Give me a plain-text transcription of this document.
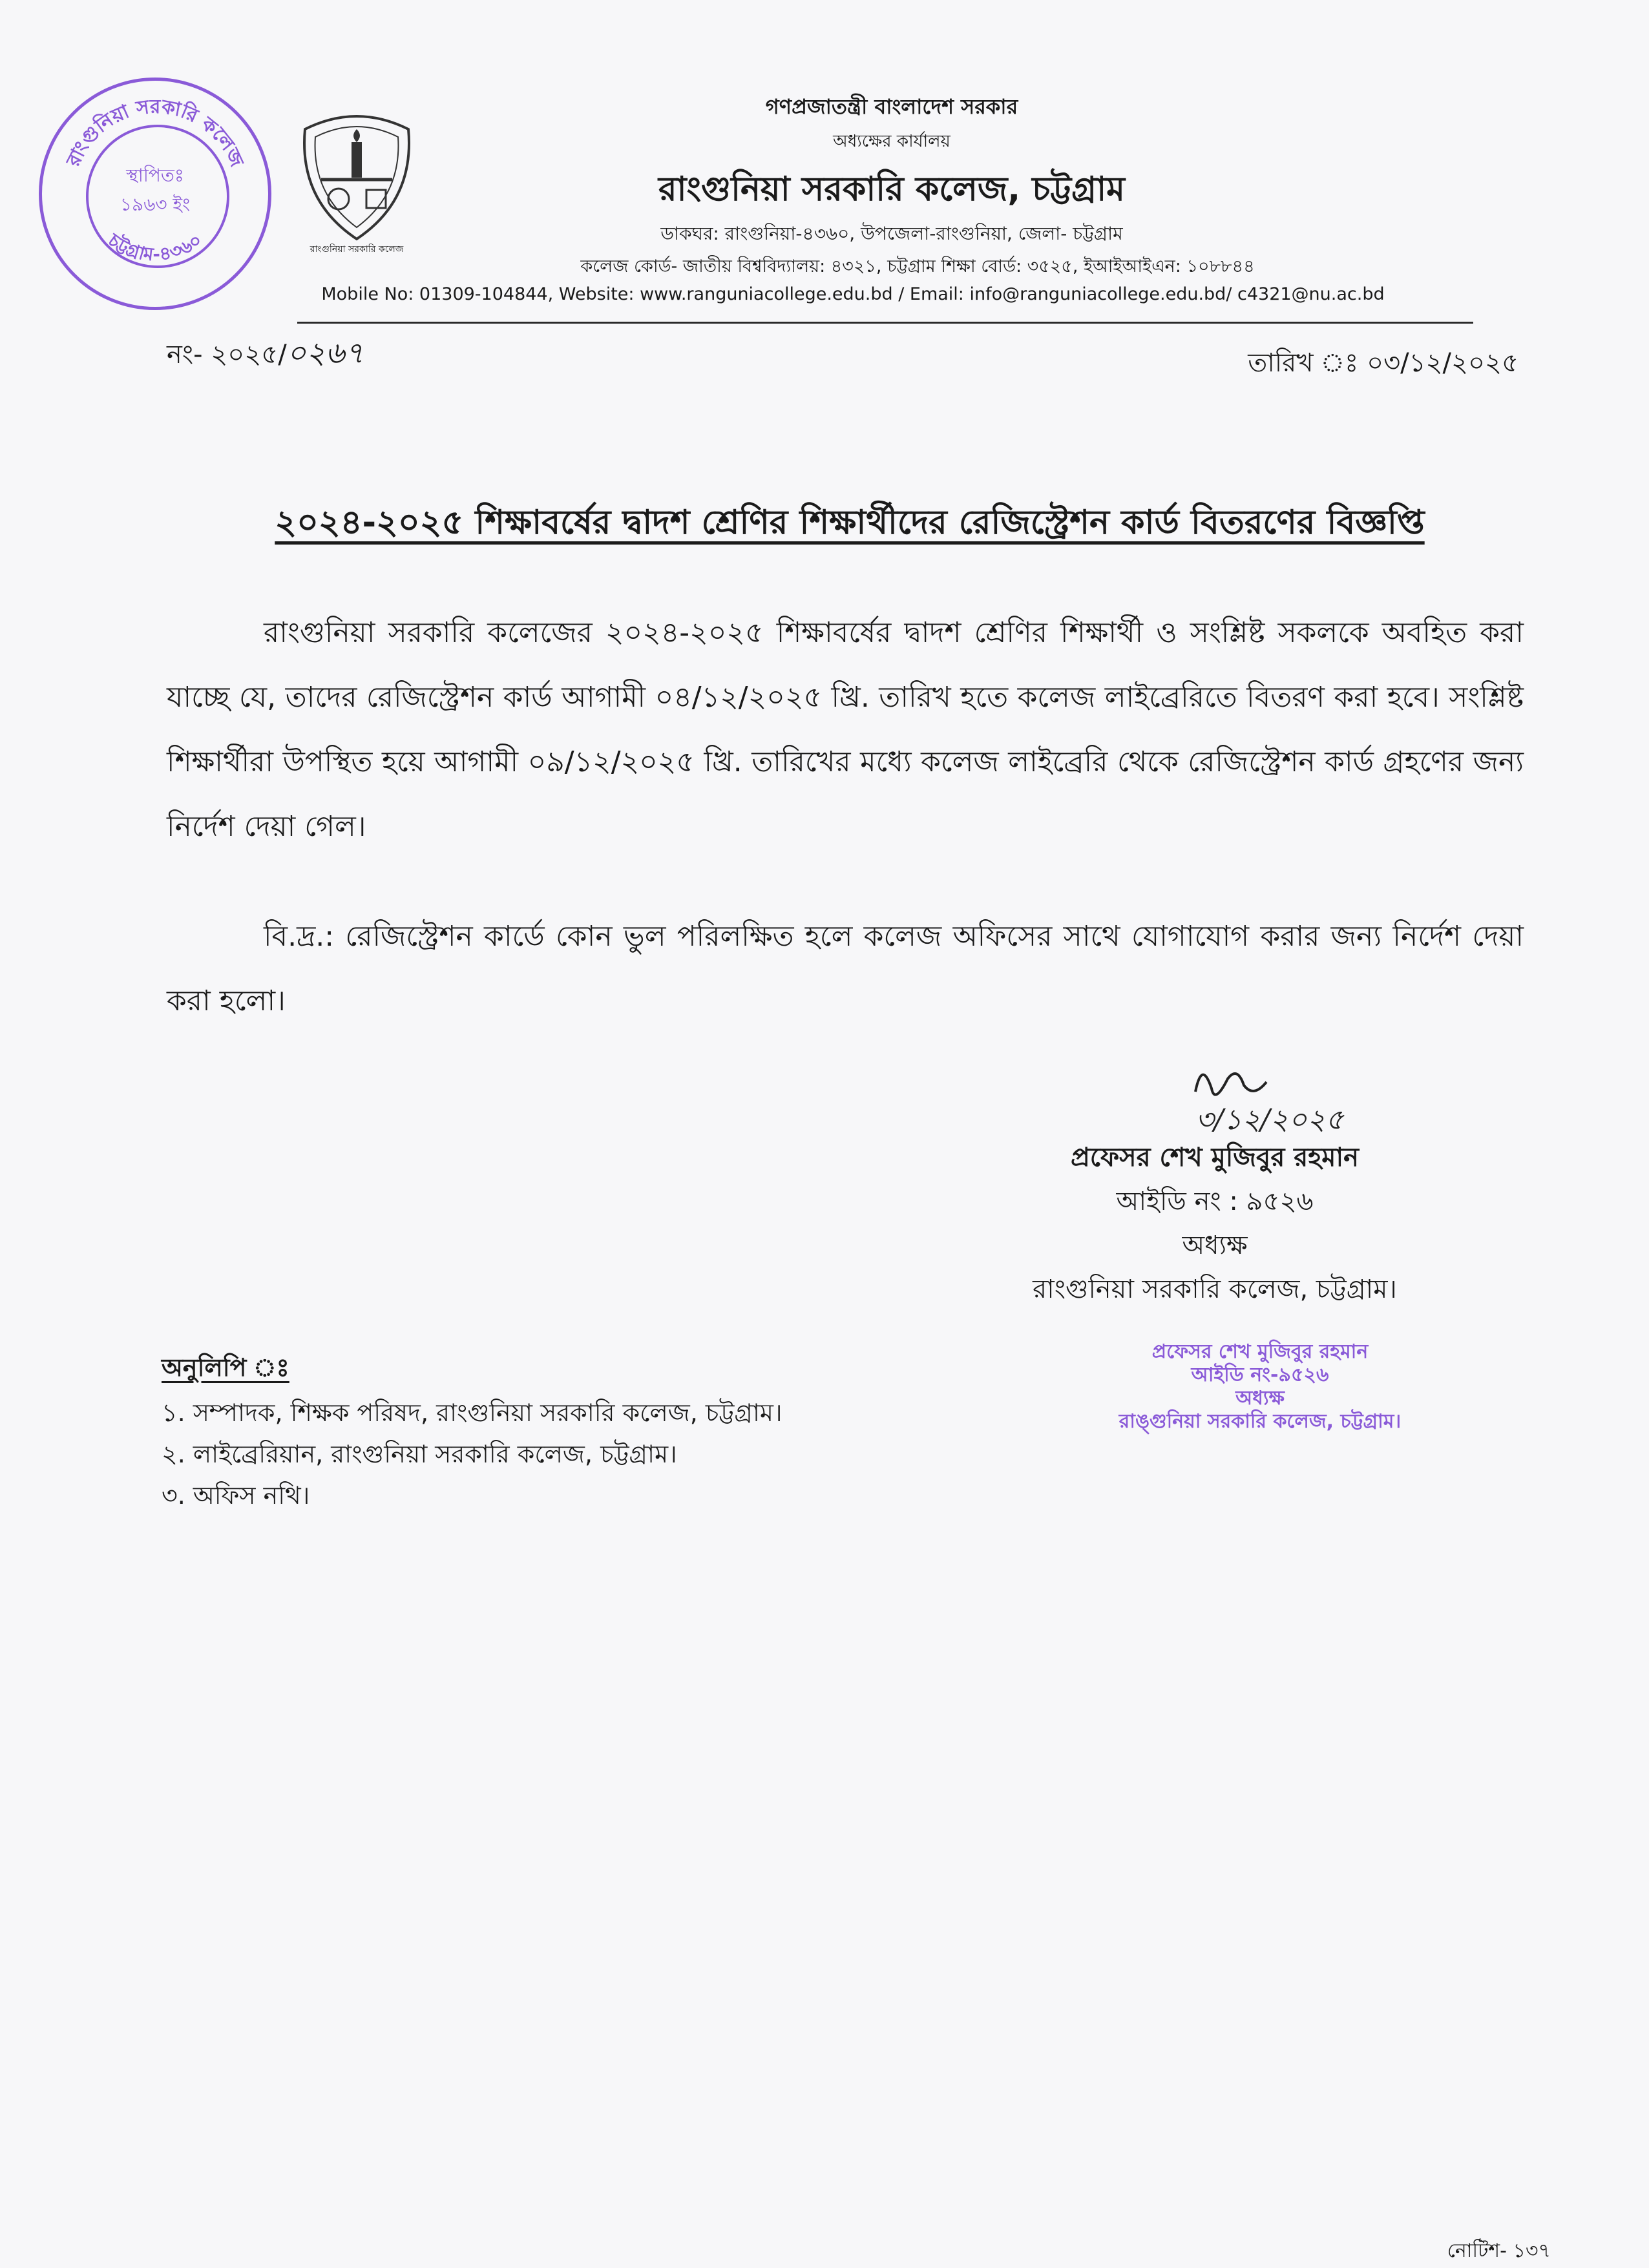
রাংগুনিয়া সরকারি কলেজ
চট্টগ্রাম-৪৩৬০
স্থাপিতঃ
১৯৬৩ ইং
রাংগুনিয়া সরকারি কলেজ
গণপ্রজাতন্ত্রী বাংলাদেশ সরকার
অধ্যক্ষের কার্যালয়
রাংগুনিয়া সরকারি কলেজ, চট্টগ্রাম
ডাকঘর: রাংগুনিয়া-৪৩৬০, উপজেলা-রাংগুনিয়া, জেলা- চট্টগ্রাম
কলেজ কোর্ড- জাতীয় বিশ্ববিদ্যালয়: ৪৩২১, চট্টগ্রাম শিক্ষা বোর্ড: ৩৫২৫, ইআইআইএন: ১০৮৮৪৪
Mobile No: 01309-104844, Website: www.ranguniacollege.edu.bd / Email: info@ranguniacollege.edu.bd/ c4321@nu.ac.bd
নং- ২০২৫/০২৬৭	তারিখ ঃ ০৩/১২/২০২৫
২০২৪-২০২৫ শিক্ষাবর্ষের দ্বাদশ শ্রেণির শিক্ষার্থীদের রেজিস্ট্রেশন কার্ড বিতরণের বিজ্ঞপ্তি
রাংগুনিয়া সরকারি কলেজের ২০২৪-২০২৫ শিক্ষাবর্ষের দ্বাদশ শ্রেণির শিক্ষার্থী ও সংশ্লিষ্ট সকলকে অবহিত করা যাচ্ছে যে, তাদের রেজিস্ট্রেশন কার্ড আগামী ০৪/১২/২০২৫ খ্রি. তারিখ হতে কলেজ লাইব্রেরিতে বিতরণ করা হবে। সংশ্লিষ্ট শিক্ষার্থীরা উপস্থিত হয়ে আগামী ০৯/১২/২০২৫ খ্রি. তারিখের মধ্যে কলেজ লাইব্রেরি থেকে রেজিস্ট্রেশন কার্ড গ্রহণের জন্য নির্দেশ দেয়া গেল।
বি.দ্র.: রেজিস্ট্রেশন কার্ডে কোন ভুল পরিলক্ষিত হলে কলেজ অফিসের সাথে যোগাযোগ করার জন্য নির্দেশ দেয়া করা হলো।
৩/১২/২০২৫
প্রফেসর শেখ মুজিবুর রহমান
আইডি নং : ৯৫২৬
অধ্যক্ষ
রাংগুনিয়া সরকারি কলেজ, চট্টগ্রাম।
প্রফেসর শেখ মুজিবুর রহমান
আইডি নং-৯৫২৬
অধ্যক্ষ
রাঙ্গুনিয়া সরকারি কলেজ, চট্টগ্রাম।
অনুলিপি ঃ
১. সম্পাদক, শিক্ষক পরিষদ, রাংগুনিয়া সরকারি কলেজ, চট্টগ্রাম।
২. লাইব্রেরিয়ান, রাংগুনিয়া সরকারি কলেজ, চট্টগ্রাম।
৩. অফিস নথি।
নোটিশ- ১৩৭
